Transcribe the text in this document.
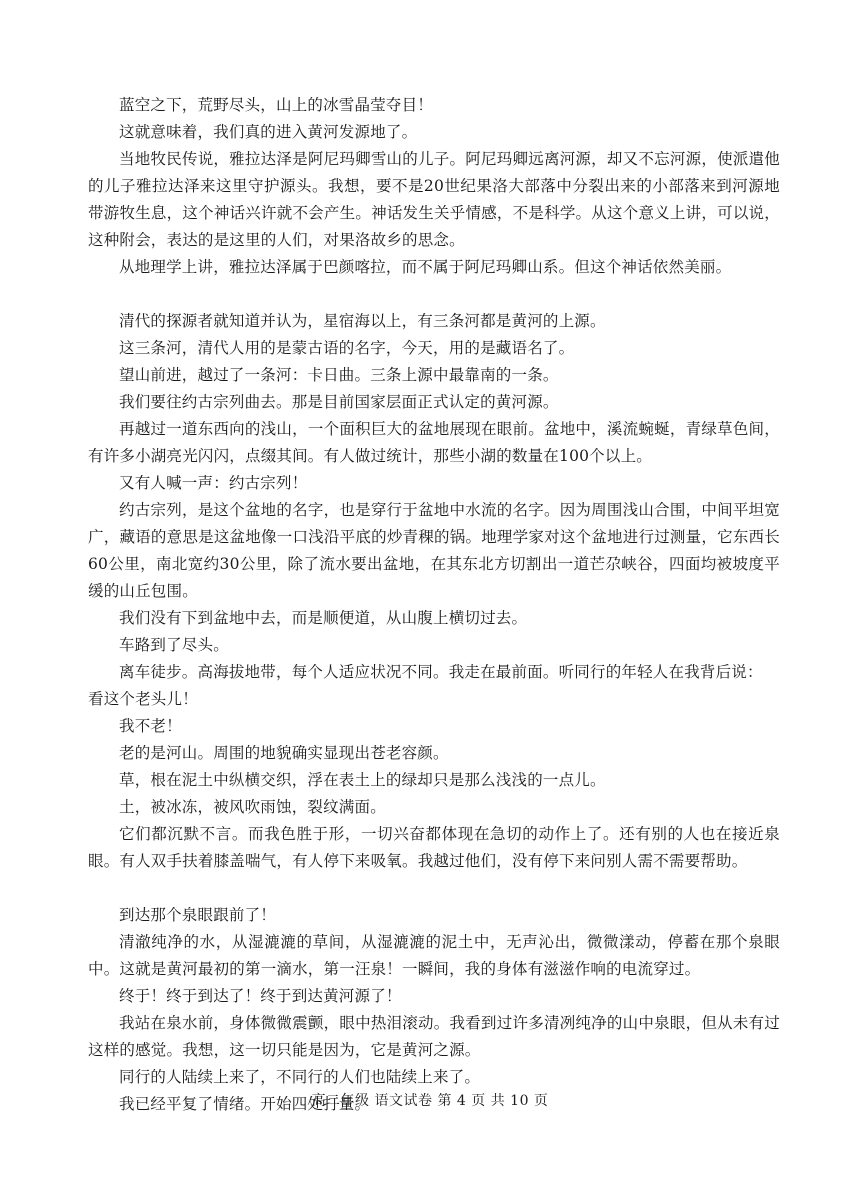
蓝空之下，荒野尽头，山上的冰雪晶莹夺目！

这就意味着，我们真的进入黄河发源地了。

当地牧民传说，雅拉达泽是阿尼玛卿雪山的儿子。阿尼玛卿远离河源，却又不忘河源，使派遣他的儿子雅拉达泽来这里守护源头。我想，要不是20世纪果洛大部落中分裂出来的小部落来到河源地带游牧生息，这个神话兴许就不会产生。神话发生关乎情感，不是科学。从这个意义上讲，可以说，这种附会，表达的是这里的人们，对果洛故乡的思念。

从地理学上讲，雅拉达泽属于巴颜喀拉，而不属于阿尼玛卿山系。但这个神话依然美丽。

清代的探源者就知道并认为，星宿海以上，有三条河都是黄河的上源。

这三条河，清代人用的是蒙古语的名字，今天，用的是藏语名了。

望山前进，越过了一条河：卡日曲。三条上源中最靠南的一条。

我们要往约古宗列曲去。那是目前国家层面正式认定的黄河源。

再越过一道东西向的浅山，一个面积巨大的盆地展现在眼前。盆地中，溪流蜿蜒，青绿草色间，有许多小湖亮光闪闪，点缀其间。有人做过统计，那些小湖的数量在100个以上。

又有人喊一声：约古宗列！

约古宗列，是这个盆地的名字，也是穿行于盆地中水流的名字。因为周围浅山合围，中间平坦宽广，藏语的意思是这盆地像一口浅沿平底的炒青稞的锅。地理学家对这个盆地进行过测量，它东西长60公里，南北宽约30公里，除了流水要出盆地，在其东北方切割出一道芒尕峡谷，四面均被坡度平缓的山丘包围。

我们没有下到盆地中去，而是顺便道，从山腹上横切过去。

车路到了尽头。

离车徒步。高海拔地带，每个人适应状况不同。我走在最前面。听同行的年轻人在我背后说：

看这个老头儿！

我不老！

老的是河山。周围的地貌确实显现出苍老容颜。

草，根在泥土中纵横交织，浮在表土上的绿却只是那么浅浅的一点儿。

土，被冰冻，被风吹雨蚀，裂纹满面。

它们都沉默不言。而我色胜于形，一切兴奋都体现在急切的动作上了。还有别的人也在接近泉眼。有人双手扶着膝盖喘气，有人停下来吸氧。我越过他们，没有停下来问别人需不需要帮助。

到达那个泉眼跟前了！

清澈纯净的水，从湿漉漉的草间，从湿漉漉的泥土中，无声沁出，微微漾动，停蓄在那个泉眼中。这就是黄河最初的第一滴水，第一汪泉！一瞬间，我的身体有滋滋作响的电流穿过。

终于！终于到达了！终于到达黄河源了！

我站在泉水前，身体微微震颤，眼中热泪滚动。我看到过许多清冽纯净的山中泉眼，但从未有过这样的感觉。我想，这一切只能是因为，它是黄河之源。

同行的人陆续上来了，不同行的人们也陆续上来了。

我已经平复了情绪。开始四处打量。

高二年级 语文试卷 第 4 页 共 10 页
